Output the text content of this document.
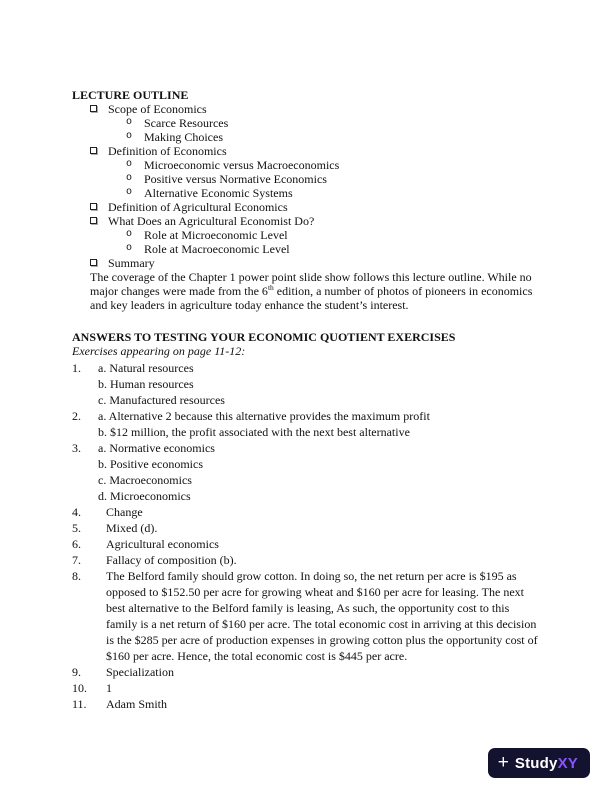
LECTURE OUTLINE
Scope of Economics
o Scarce Resources
o Making Choices
Definition of Economics
o Microeconomic versus Macroeconomics
o Positive versus Normative Economics
o Alternative Economic Systems
Definition of Agricultural Economics
What Does an Agricultural Economist Do?
o Role at Microeconomic Level
o Role at Macroeconomic Level
Summary

The coverage of the Chapter 1 power point slide show follows this lecture outline. While no major changes were made from the 6th edition, a number of photos of pioneers in economics and key leaders in agriculture today enhance the student’s interest.

ANSWERS TO TESTING YOUR ECONOMIC QUOTIENT EXERCISES

Exercises appearing on page 11-12:

1.	a. Natural resources
b. Human resources
c. Manufactured resources
2.	a. Alternative 2 because this alternative provides the maximum profit
b. $12 million, the profit associated with the next best alternative
3.	a. Normative economics
b. Positive economics
c. Macroeconomics
d. Microeconomics
4.	Change
5.	Mixed (d).
6.	Agricultural economics
7.	Fallacy of composition (b).
8.	The Belford family should grow cotton. In doing so, the net return per acre is $195 as opposed to $152.50 per acre for growing wheat and $160 per acre for leasing. The next best alternative to the Belford family is leasing, As such, the opportunity cost to this family is a net return of $160 per acre. The total economic cost in arriving at this decision is the $285 per acre of production expenses in growing cotton plus the opportunity cost of $160 per acre. Hence, the total economic cost is $445 per acre.
9.	Specialization
10.	1
11.	Adam Smith
+ StudyXY
